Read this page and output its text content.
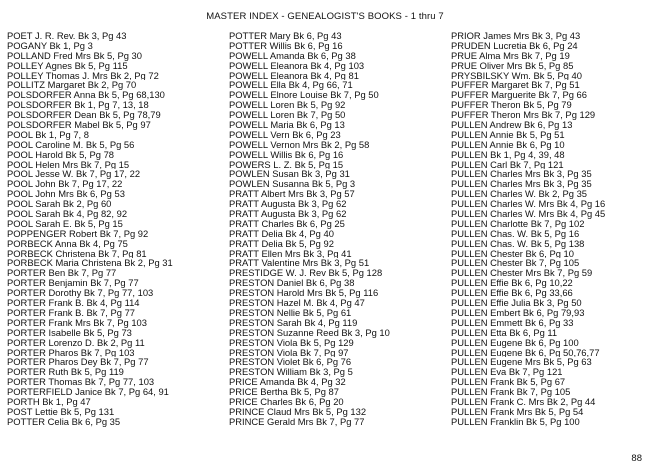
MASTER INDEX - GENEALOGIST'S BOOKS - 1 thru 7
POET J. R. Rev. Bk 3, Pg 43
POGANY Bk 1, Pg 3
POLLAND Fred Mrs Bk 5, Pg 30
POLLEY Agnes Bk 5, Pg 115
POLLEY Thomas J. Mrs Bk 2, Pg 72
POLLITZ Margaret Bk 2, Pg 70
POLSDORFER Anna Bk 5, Pg 68,130
POLSDORFER Bk 1, Pg 7, 13, 18
POLSDORFER Dean Bk 5, Pg 78,79
POLSDORFER Mabel Bk 5, Pg 97
POOL Bk 1, Pg 7, 8
POOL Caroline M. Bk 5, Pg 56
POOL Harold Bk 5, Pg 78
POOL Helen Mrs Bk 7, Pg 15
POOL Jesse W. Bk 7, Pg 17, 22
POOL John Bk 7, Pg 17, 22
POOL John Mrs Bk 6, Pg 53
POOL Sarah Bk 2, Pg 60
POOL Sarah Bk 4, Pg 82, 92
POOL Sarah E. Bk 5, Pg 15
POPPENGER Robert Bk 7, Pg 92
PORBECK Anna Bk 4, Pg 75
PORBECK Christena Bk 7, Pg 81
PORBECK Maria Christena Bk 2, Pg 31
PORTER Ben Bk 7, Pg 77
PORTER Benjamin Bk 7, Pg 77
PORTER Dorothy Bk 7, Pg 77, 103
PORTER Frank B. Bk 4, Pg 114
PORTER Frank B. Bk 7, Pg 77
PORTER Frank Mrs Bk 7, Pg 103
PORTER Isabelle Bk 5, Pg 73
PORTER Lorenzo D. Bk 2, Pg 11
PORTER Pharos Bk 7, Pg 103
PORTER Pharos Dey Bk 7, Pg 77
PORTER Ruth Bk 5, Pg 119
PORTER Thomas Bk 7, Pg 77, 103
PORTERFIELD Janice Bk 7, Pg 64, 91
PORTH Bk 1, Pg 47
POST Lettie Bk 5, Pg 131
POTTER Celia Bk 6, Pg 35
POTTER Mary Bk 6, Pg 43
POTTER Willis Bk 6, Pg 16
POWELL Amanda Bk 6, Pg 38
POWELL Eleanora Bk 4, Pg 103
POWELL Eleanora Bk 4, Pg 81
POWELL Ella Bk 4, Pg 66, 71
POWELL Elnore Louise Bk 7, Pg 50
POWELL Loren Bk 5, Pg 92
POWELL Loren Bk 7, Pg 50
POWELL Maria Bk 6, Pg 13
POWELL Vern Bk 6, Pg 23
POWELL Vernon Mrs Bk 2, Pg 58
POWELL Willis Bk 6, Pg 16
POWERS L. Z. Bk 5, Pg 15
POWLEN Susan Bk 3, Pg 31
POWLEN Susanna Bk 5, Pg 3
PRATT Albert Mrs Bk 3, Pg 57
PRATT Augusta Bk 3, Pg 62
PRATT Augusta Bk 3, Pg 62
PRATT Charles Bk 6, Pg 25
PRATT Delia Bk 4, Pg 40
PRATT Delia Bk 5, Pg 92
PRATT Ellen Mrs Bk 3, Pg 41
PRATT Valentine Mrs Bk 3, Pg 51
PRESTIDGE W. J. Rev Bk 5, Pg 128
PRESTON Daniel Bk 6, Pg 38
PRESTON Harold Mrs Bk 5, Pg 116
PRESTON Hazel M. Bk 4, Pg 47
PRESTON Nellie Bk 5, Pg 61
PRESTON Sarah Bk 4, Pg 119
PRESTON Suzanne Reed Bk 3, Pg 10
PRESTON Viola Bk 5, Pg 129
PRESTON Viola Bk 7, Pg 97
PRESTON Violet Bk 6, Pg 76
PRESTON William Bk 3, Pg 5
PRICE Amanda Bk 4, Pg 32
PRICE Bertha Bk 5, Pg 87
PRICE Charles Bk 6, Pg 20
PRINCE Claud Mrs Bk 5, Pg 132
PRINCE Gerald Mrs Bk 7, Pg 77
PRIOR James Mrs Bk 3, Pg 43
PRUDEN Lucretia Bk 6, Pg 24
PRUE Alma Mrs Bk 7, Pg 19
PRUE Oliver Mrs Bk 5, Pg 85
PRYSBILSKY Wm. Bk 5, Pg 40
PUFFER Margaret Bk 7, Pg 51
PUFFER Marguerite Bk 7, Pg 66
PUFFER Theron Bk 5, Pg 79
PUFFER Theron Mrs Bk 7, Pg 129
PULLEN Andrew Bk 6, Pg 13
PULLEN Annie Bk 5, Pg 51
PULLEN Annie Bk 6, Pg 10
PULLEN Bk 1, Pg 4, 39, 48
PULLEN Carl Bk 7, Pg 121
PULLEN Charles Mrs Bk 3, Pg 35
PULLEN Charles Mrs Bk 3, Pg 35
PULLEN Charles W. Bk 2, Pg 35
PULLEN Charles W. Mrs Bk 4, Pg 16
PULLEN Charles W. Mrs Bk 4, Pg 45
PULLEN Charlotte Bk 7, Pg 102
PULLEN Chas. W. Bk 5, Pg 16
PULLEN Chas. W. Bk 5, Pg 138
PULLEN Chester Bk 6, Pg 10
PULLEN Chester Bk 7, Pg 105
PULLEN Chester Mrs Bk 7, Pg 59
PULLEN Effie Bk 6, Pg 10,22
PULLEN Effie Bk 6, Pg 33,66
PULLEN Effie Julia Bk 3, Pg 50
PULLEN Embert Bk 6, Pg 79,93
PULLEN Emmett Bk 6, Pg 33
PULLEN Etta Bk 6, Pg 11
PULLEN Eugene Bk 6, Pg 100
PULLEN Eugene Bk 6, Pg 50,76,77
PULLEN Eugene Mrs Bk 5, Pg 63
PULLEN Eva Bk 7, Pg 121
PULLEN Frank Bk 5, Pg 67
PULLEN Frank Bk 7, Pg 105
PULLEN Frank C. Mrs Bk 2, Pg 44
PULLEN Frank Mrs Bk 5, Pg 54
PULLEN Franklin Bk 5, Pg 100
88
